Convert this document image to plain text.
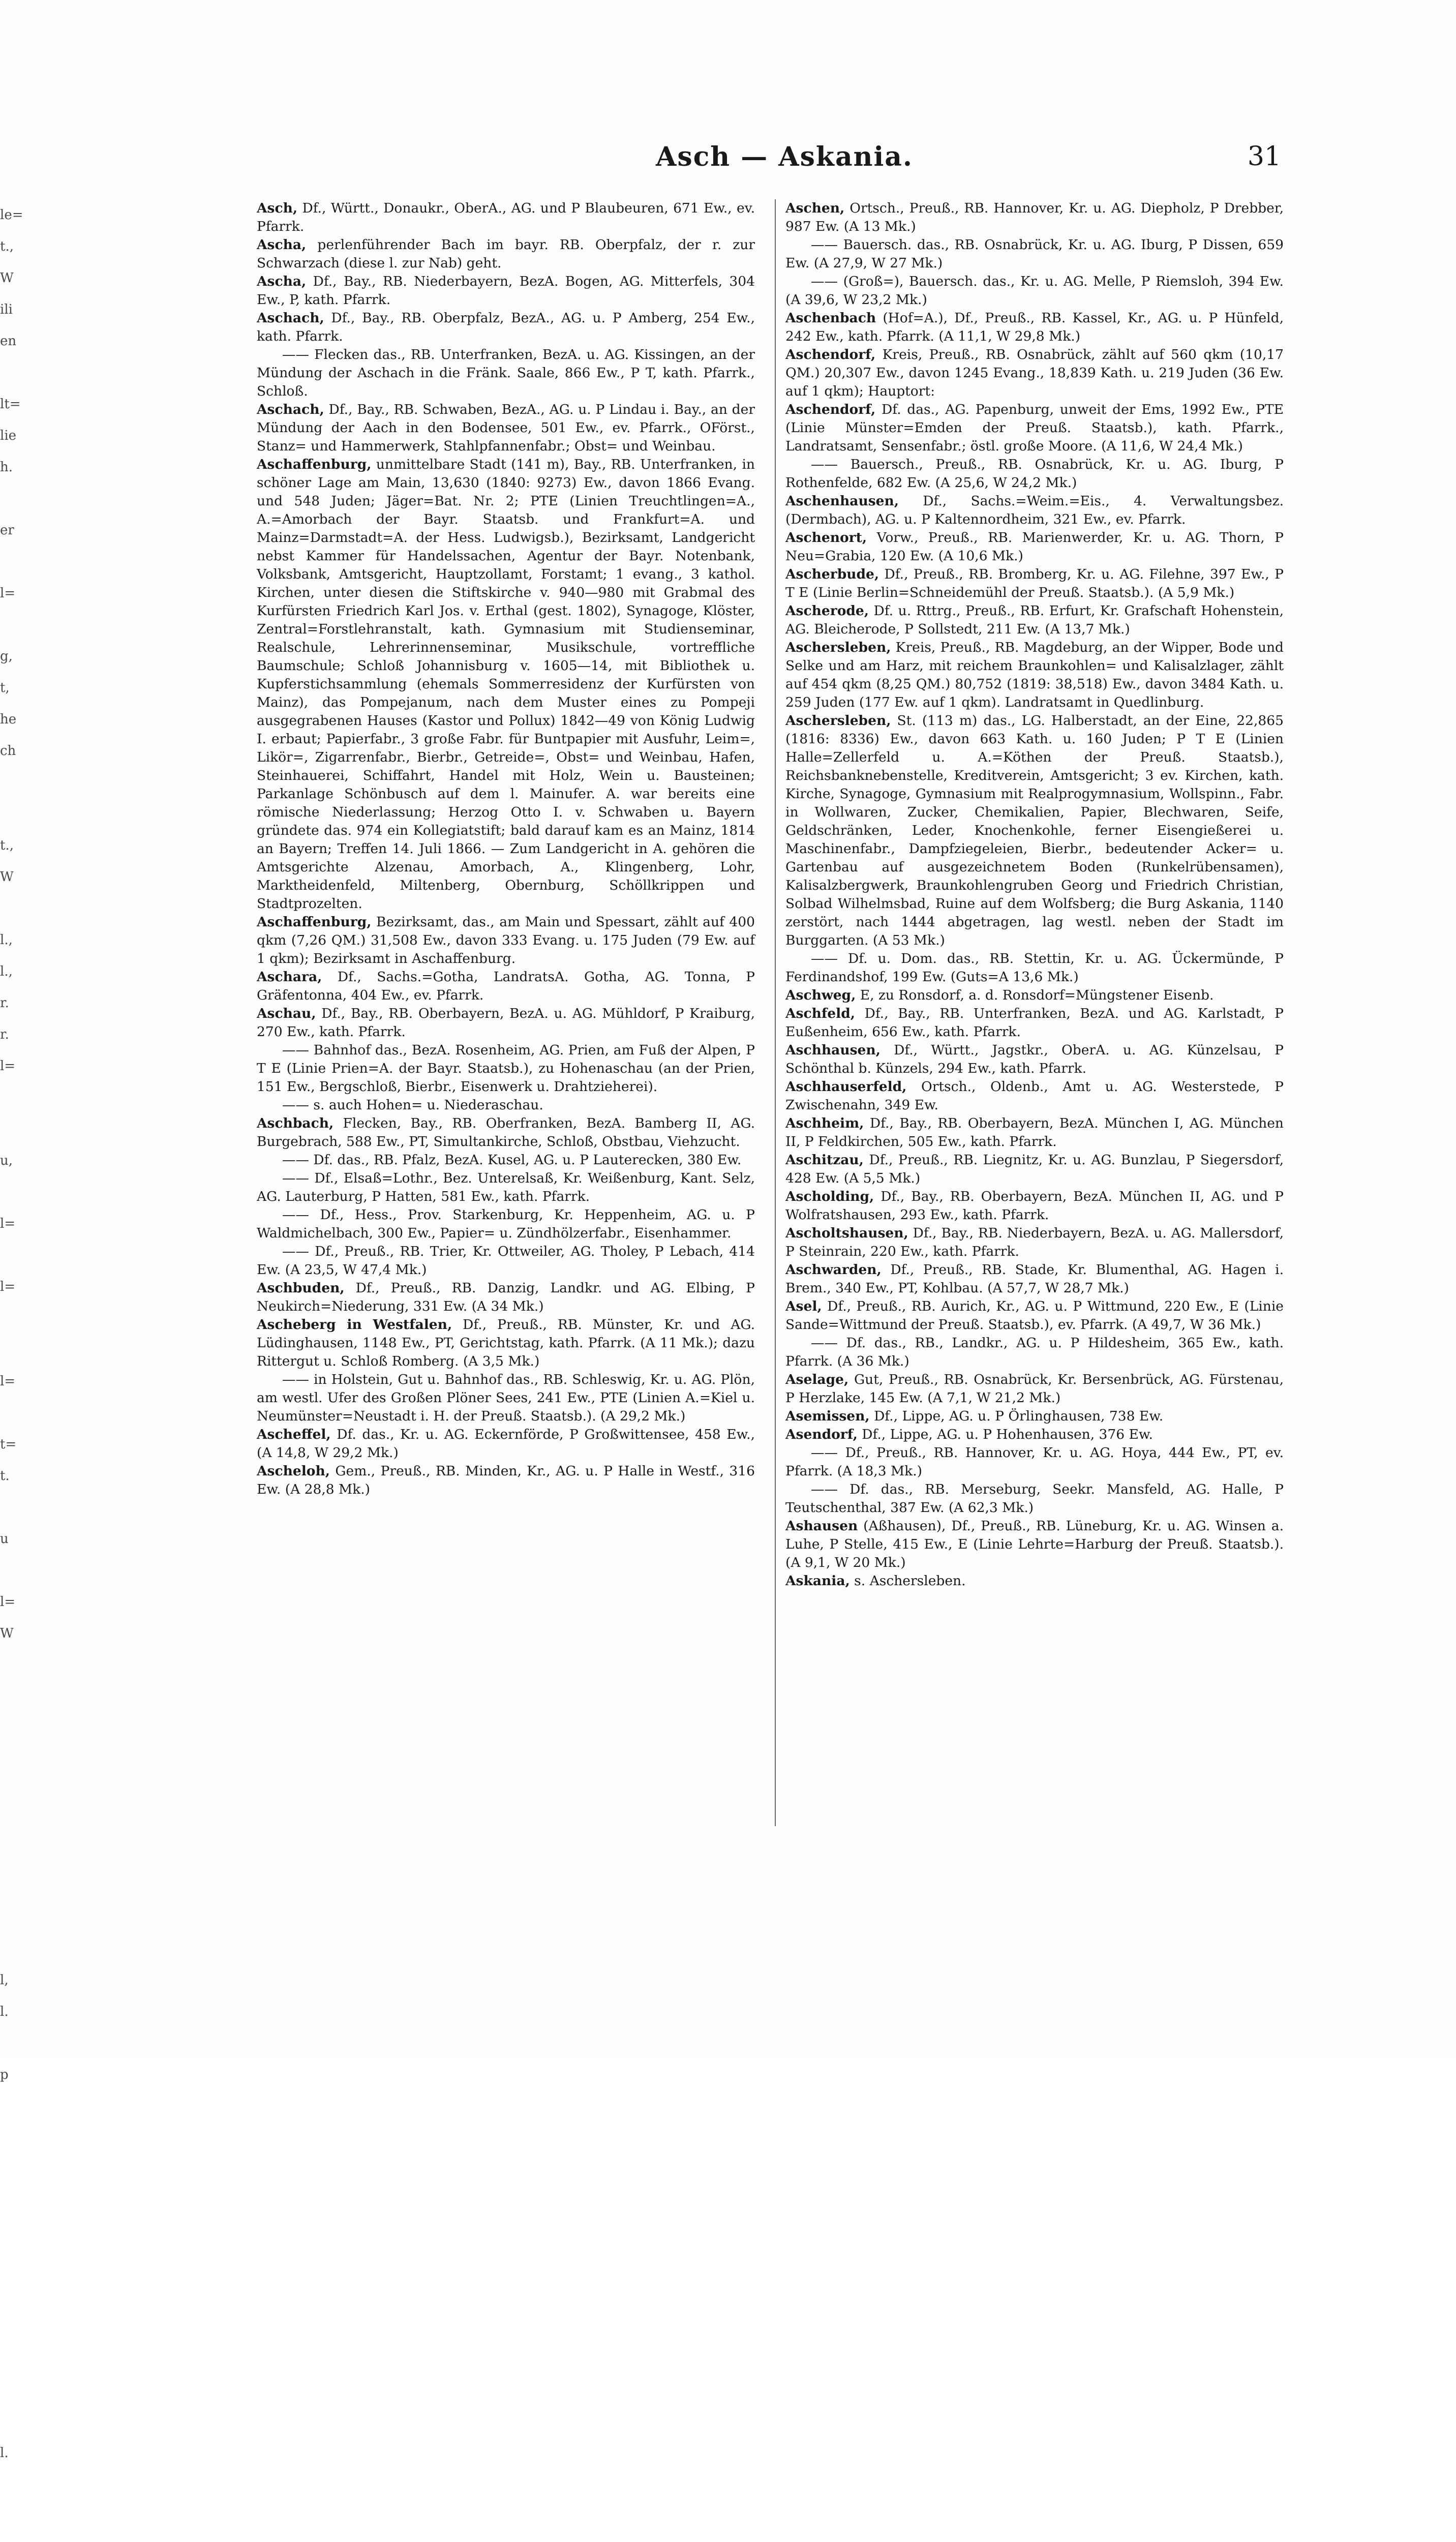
le=
t.,
W
ili
en
lt=
lie
h.
er
l=
g,
t,
he
ch
t.,
W
l.,
l.,
r.
r.
l=
u,
l=
l=
l=
t=
t.
u
l=
W
l,
l.
p
l.
Asch — Askania.	31

Asch, Df., Württ., Donaukr., OberA., AG. und P Blaubeuren, 671 Ew., ev. Pfarrk.

Ascha, perlenführender Bach im bayr. RB. Oberpfalz, der r. zur Schwarzach (diese l. zur Nab) geht.

Ascha, Df., Bay., RB. Niederbayern, BezA. Bogen, AG. Mitterfels, 304 Ew., P, kath. Pfarrk.

Aschach, Df., Bay., RB. Oberpfalz, BezA., AG. u. P Amberg, 254 Ew., kath. Pfarrk.

—— Flecken das., RB. Unterfranken, BezA. u. AG. Kissingen, an der Mündung der Aschach in die Fränk. Saale, 866 Ew., P T, kath. Pfarrk., Schloß.

Aschach, Df., Bay., RB. Schwaben, BezA., AG. u. P Lindau i. Bay., an der Mündung der Aach in den Bodensee, 501 Ew., ev. Pfarrk., OFörst., Stanz= und Hammerwerk, Stahlpfannenfabr.; Obst= und Weinbau.

Aschaffenburg, unmittelbare Stadt (141 m), Bay., RB. Unterfranken, in schöner Lage am Main, 13,630 (1840: 9273) Ew., davon 1866 Evang. und 548 Juden; Jäger=Bat. Nr. 2; PTE (Linien Treuchtlingen=A., A.=Amorbach der Bayr. Staatsb. und Frankfurt=A. und Mainz=Darmstadt=A. der Hess. Ludwigsb.), Bezirksamt, Landgericht nebst Kammer für Handelssachen, Agentur der Bayr. Notenbank, Volksbank, Amtsgericht, Hauptzollamt, Forstamt; 1 evang., 3 kathol. Kirchen, unter diesen die Stiftskirche v. 940—980 mit Grabmal des Kurfürsten Friedrich Karl Jos. v. Erthal (gest. 1802), Synagoge, Klöster, Zentral=Forstlehranstalt, kath. Gymnasium mit Studienseminar, Realschule, Lehrerinnenseminar, Musikschule, vortreffliche Baumschule; Schloß Johannisburg v. 1605—14, mit Bibliothek u. Kupferstichsammlung (ehemals Sommerresidenz der Kurfürsten von Mainz), das Pompejanum, nach dem Muster eines zu Pompeji ausgegrabenen Hauses (Kastor und Pollux) 1842—49 von König Ludwig I. erbaut; Papierfabr., 3 große Fabr. für Buntpapier mit Ausfuhr, Leim=, Likör=, Zigarrenfabr., Bierbr., Getreide=, Obst= und Weinbau, Hafen, Steinhauerei, Schiffahrt, Handel mit Holz, Wein u. Bausteinen; Parkanlage Schönbusch auf dem l. Mainufer. A. war bereits eine römische Niederlassung; Herzog Otto I. v. Schwaben u. Bayern gründete das. 974 ein Kollegiatstift; bald darauf kam es an Mainz, 1814 an Bayern; Treffen 14. Juli 1866. — Zum Landgericht in A. gehören die Amtsgerichte Alzenau, Amorbach, A., Klingenberg, Lohr, Marktheidenfeld, Miltenberg, Obernburg, Schöllkrippen und Stadtprozelten.

Aschaffenburg, Bezirksamt, das., am Main und Spessart, zählt auf 400 qkm (7,26 QM.) 31,508 Ew., davon 333 Evang. u. 175 Juden (79 Ew. auf 1 qkm); Bezirksamt in Aschaffenburg.

Aschara, Df., Sachs.=Gotha, LandratsA. Gotha, AG. Tonna, P Gräfentonna, 404 Ew., ev. Pfarrk.

Aschau, Df., Bay., RB. Oberbayern, BezA. u. AG. Mühldorf, P Kraiburg, 270 Ew., kath. Pfarrk.

—— Bahnhof das., BezA. Rosenheim, AG. Prien, am Fuß der Alpen, P T E (Linie Prien=A. der Bayr. Staatsb.), zu Hohenaschau (an der Prien, 151 Ew., Bergschloß, Bierbr., Eisenwerk u. Drahtzieherei).

—— s. auch Hohen= u. Niederaschau.

Aschbach, Flecken, Bay., RB. Oberfranken, BezA. Bamberg II, AG. Burgebrach, 588 Ew., PT, Simultankirche, Schloß, Obstbau, Viehzucht.

—— Df. das., RB. Pfalz, BezA. Kusel, AG. u. P Lauterecken, 380 Ew.

—— Df., Elsaß=Lothr., Bez. Unterelsaß, Kr. Weißenburg, Kant. Selz, AG. Lauterburg, P Hatten, 581 Ew., kath. Pfarrk.

—— Df., Hess., Prov. Starkenburg, Kr. Heppenheim, AG. u. P Waldmichelbach, 300 Ew., Papier= u. Zündhölzerfabr., Eisenhammer.

—— Df., Preuß., RB. Trier, Kr. Ottweiler, AG. Tholey, P Lebach, 414 Ew. (A 23,5, W 47,4 Mk.)

Aschbuden, Df., Preuß., RB. Danzig, Landkr. und AG. Elbing, P Neukirch=Niederung, 331 Ew. (A 34 Mk.)

Ascheberg in Westfalen, Df., Preuß., RB. Münster, Kr. und AG. Lüdinghausen, 1148 Ew., PT, Gerichtstag, kath. Pfarrk. (A 11 Mk.); dazu Rittergut u. Schloß Romberg. (A 3,5 Mk.)

—— in Holstein, Gut u. Bahnhof das., RB. Schleswig, Kr. u. AG. Plön, am westl. Ufer des Großen Plöner Sees, 241 Ew., PTE (Linien A.=Kiel u. Neumünster=Neustadt i. H. der Preuß. Staatsb.). (A 29,2 Mk.)

Ascheffel, Df. das., Kr. u. AG. Eckernförde, P Großwittensee, 458 Ew., (A 14,8, W 29,2 Mk.)

Ascheloh, Gem., Preuß., RB. Minden, Kr., AG. u. P Halle in Westf., 316 Ew. (A 28,8 Mk.)

Aschen, Ortsch., Preuß., RB. Hannover, Kr. u. AG. Diepholz, P Drebber, 987 Ew. (A 13 Mk.)

—— Bauersch. das., RB. Osnabrück, Kr. u. AG. Iburg, P Dissen, 659 Ew. (A 27,9, W 27 Mk.)

—— (Groß=), Bauersch. das., Kr. u. AG. Melle, P Riemsloh, 394 Ew. (A 39,6, W 23,2 Mk.)

Aschenbach (Hof=A.), Df., Preuß., RB. Kassel, Kr., AG. u. P Hünfeld, 242 Ew., kath. Pfarrk. (A 11,1, W 29,8 Mk.)

Aschendorf, Kreis, Preuß., RB. Osnabrück, zählt auf 560 qkm (10,17 QM.) 20,307 Ew., davon 1245 Evang., 18,839 Kath. u. 219 Juden (36 Ew. auf 1 qkm); Hauptort:

Aschendorf, Df. das., AG. Papenburg, unweit der Ems, 1992 Ew., PTE (Linie Münster=Emden der Preuß. Staatsb.), kath. Pfarrk., Landratsamt, Sensenfabr.; östl. große Moore. (A 11,6, W 24,4 Mk.)

—— Bauersch., Preuß., RB. Osnabrück, Kr. u. AG. Iburg, P Rothenfelde, 682 Ew. (A 25,6, W 24,2 Mk.)

Aschenhausen, Df., Sachs.=Weim.=Eis., 4. Verwaltungsbez. (Dermbach), AG. u. P Kaltennordheim, 321 Ew., ev. Pfarrk.

Aschenort, Vorw., Preuß., RB. Marienwerder, Kr. u. AG. Thorn, P Neu=Grabia, 120 Ew. (A 10,6 Mk.)

Ascherbude, Df., Preuß., RB. Bromberg, Kr. u. AG. Filehne, 397 Ew., P T E (Linie Berlin=Schneidemühl der Preuß. Staatsb.). (A 5,9 Mk.)

Ascherode, Df. u. Rttrg., Preuß., RB. Erfurt, Kr. Grafschaft Hohenstein, AG. Bleicherode, P Sollstedt, 211 Ew. (A 13,7 Mk.)

Aschersleben, Kreis, Preuß., RB. Magdeburg, an der Wipper, Bode und Selke und am Harz, mit reichem Braunkohlen= und Kalisalzlager, zählt auf 454 qkm (8,25 QM.) 80,752 (1819: 38,518) Ew., davon 3484 Kath. u. 259 Juden (177 Ew. auf 1 qkm). Landratsamt in Quedlinburg.

Aschersleben, St. (113 m) das., LG. Halberstadt, an der Eine, 22,865 (1816: 8336) Ew., davon 663 Kath. u. 160 Juden; P T E (Linien Halle=Zellerfeld u. A.=Köthen der Preuß. Staatsb.), Reichsbanknebenstelle, Kreditverein, Amtsgericht; 3 ev. Kirchen, kath. Kirche, Synagoge, Gymnasium mit Realprogymnasium, Wollspinn., Fabr. in Wollwaren, Zucker, Chemikalien, Papier, Blechwaren, Seife, Geldschränken, Leder, Knochenkohle, ferner Eisengießerei u. Maschinenfabr., Dampfziegeleien, Bierbr., bedeutender Acker= u. Gartenbau auf ausgezeichnetem Boden (Runkelrübensamen), Kalisalzbergwerk, Braunkohlengruben Georg und Friedrich Christian, Solbad Wilhelmsbad, Ruine auf dem Wolfsberg; die Burg Askania, 1140 zerstört, nach 1444 abgetragen, lag westl. neben der Stadt im Burggarten. (A 53 Mk.)

—— Df. u. Dom. das., RB. Stettin, Kr. u. AG. Ückermünde, P Ferdinandshof, 199 Ew. (Guts=A 13,6 Mk.)

Aschweg, E, zu Ronsdorf, a. d. Ronsdorf=Müngstener Eisenb.

Aschfeld, Df., Bay., RB. Unterfranken, BezA. und AG. Karlstadt, P Eußenheim, 656 Ew., kath. Pfarrk.

Aschhausen, Df., Württ., Jagstkr., OberA. u. AG. Künzelsau, P Schönthal b. Künzels, 294 Ew., kath. Pfarrk.

Aschhauserfeld, Ortsch., Oldenb., Amt u. AG. Westerstede, P Zwischenahn, 349 Ew.

Aschheim, Df., Bay., RB. Oberbayern, BezA. München I, AG. München II, P Feldkirchen, 505 Ew., kath. Pfarrk.

Aschitzau, Df., Preuß., RB. Liegnitz, Kr. u. AG. Bunzlau, P Siegersdorf, 428 Ew. (A 5,5 Mk.)

Ascholding, Df., Bay., RB. Oberbayern, BezA. München II, AG. und P Wolfratshausen, 293 Ew., kath. Pfarrk.

Ascholtshausen, Df., Bay., RB. Niederbayern, BezA. u. AG. Mallersdorf, P Steinrain, 220 Ew., kath. Pfarrk.

Aschwarden, Df., Preuß., RB. Stade, Kr. Blumenthal, AG. Hagen i. Brem., 340 Ew., PT, Kohlbau. (A 57,7, W 28,7 Mk.)

Asel, Df., Preuß., RB. Aurich, Kr., AG. u. P Wittmund, 220 Ew., E (Linie Sande=Wittmund der Preuß. Staatsb.), ev. Pfarrk. (A 49,7, W 36 Mk.)

—— Df. das., RB., Landkr., AG. u. P Hildesheim, 365 Ew., kath. Pfarrk. (A 36 Mk.)

Aselage, Gut, Preuß., RB. Osnabrück, Kr. Bersenbrück, AG. Fürstenau, P Herzlake, 145 Ew. (A 7,1, W 21,2 Mk.)

Asemissen, Df., Lippe, AG. u. P Örlinghausen, 738 Ew.

Asendorf, Df., Lippe, AG. u. P Hohenhausen, 376 Ew.

—— Df., Preuß., RB. Hannover, Kr. u. AG. Hoya, 444 Ew., PT, ev. Pfarrk. (A 18,3 Mk.)

—— Df. das., RB. Merseburg, Seekr. Mansfeld, AG. Halle, P Teutschenthal, 387 Ew. (A 62,3 Mk.)

Ashausen (Aßhausen), Df., Preuß., RB. Lüneburg, Kr. u. AG. Winsen a. Luhe, P Stelle, 415 Ew., E (Linie Lehrte=Harburg der Preuß. Staatsb.). (A 9,1, W 20 Mk.)

Askania, s. Aschersleben.
